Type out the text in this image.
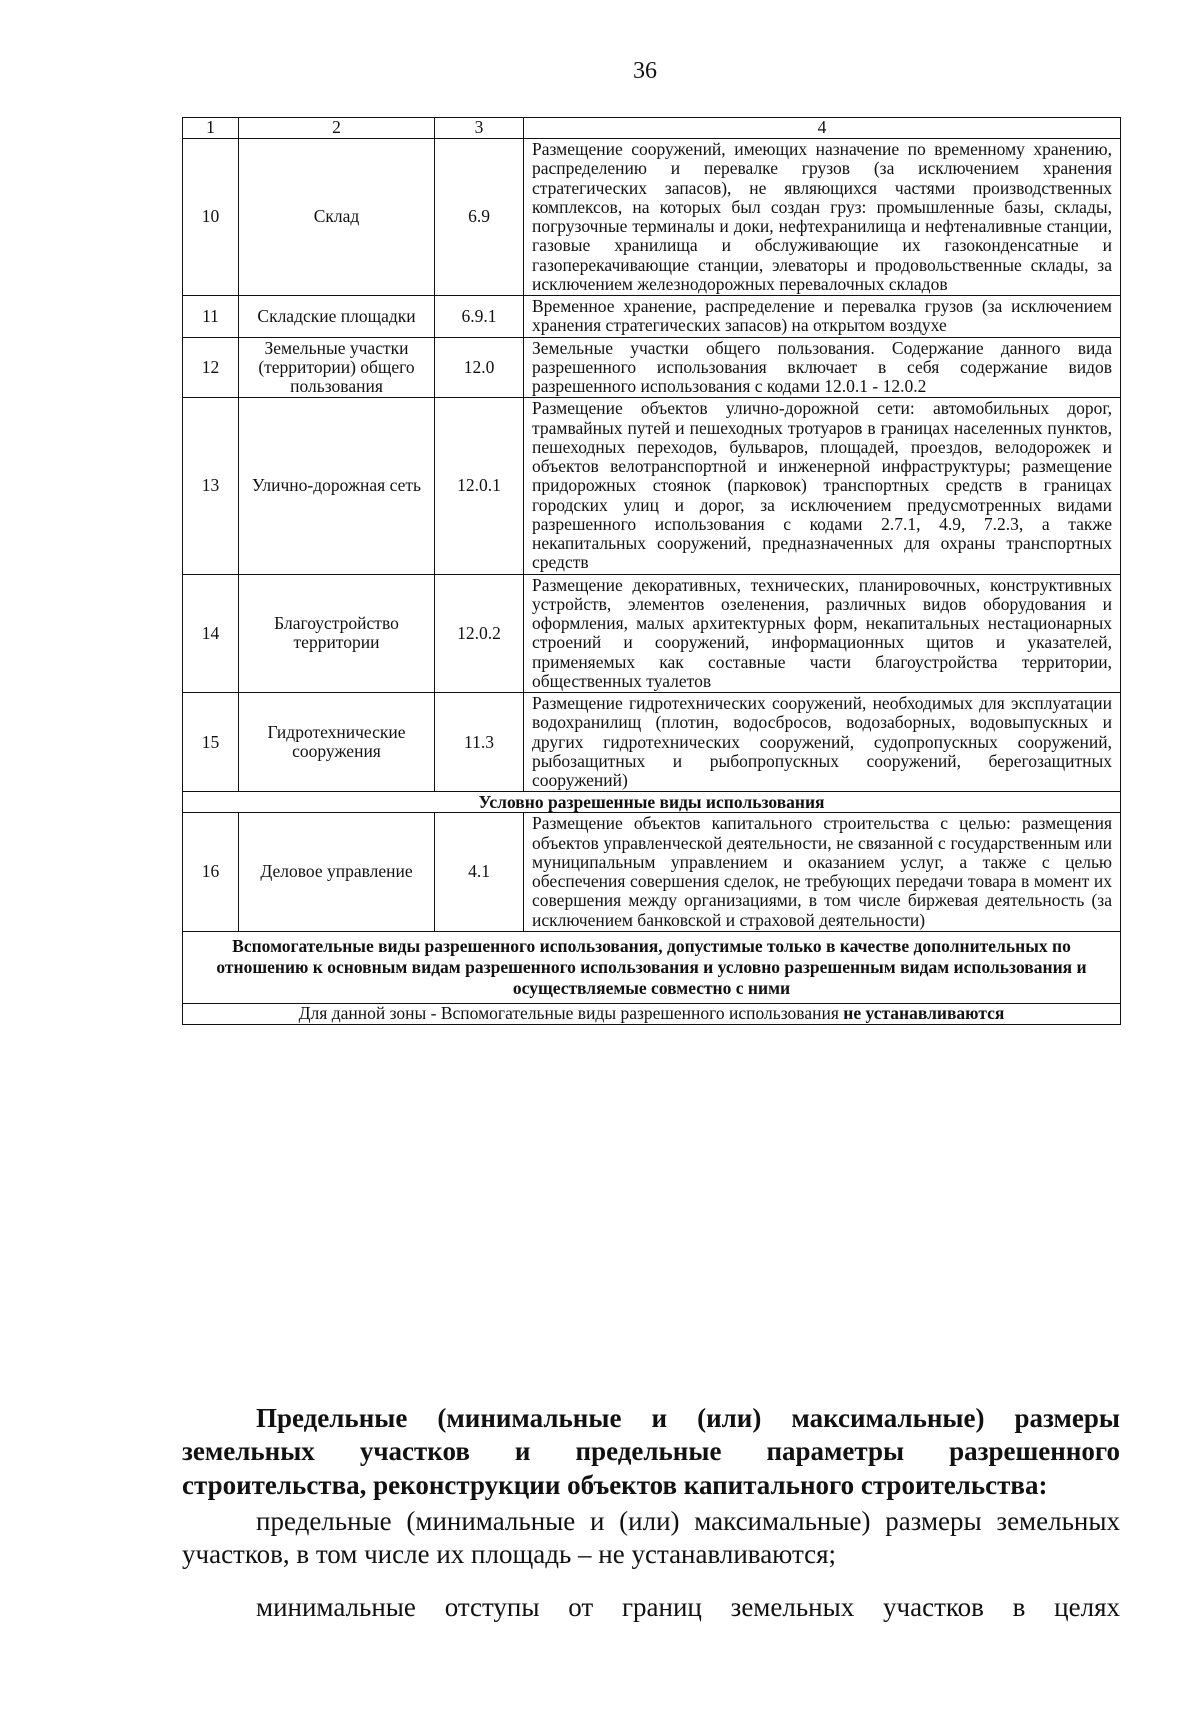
36
1	2	3	4
10	Склад	6.9	Размещение сооружений, имеющих назначение по временному хранению, распределению и перевалке грузов (за исключением хранения стратегических запасов), не являющихся частями производственных комплексов, на которых был создан груз: промышленные базы, склады, погрузочные терминалы и доки, нефтехранилища и нефтеналивные станции, газовые хранилища и обслуживающие их газоконденсатные и газоперекачивающие станции, элеваторы и продовольственные склады, за исключением железнодорожных перевалочных складов
11	Складские площадки	6.9.1	Временное хранение, распределение и перевалка грузов (за исключением хранения стратегических запасов) на открытом воздухе
12	Земельные участки (территории) общего пользования	12.0	Земельные участки общего пользования. Содержание данного вида разрешенного использования включает в себя содержание видов разрешенного использования с кодами 12.0.1 - 12.0.2
13	Улично-дорожная сеть	12.0.1	Размещение объектов улично-дорожной сети: автомобильных дорог, трамвайных путей и пешеходных тротуаров в границах населенных пунктов, пешеходных переходов, бульваров, площадей, проездов, велодорожек и объектов велотранспортной и инженерной инфраструктуры; размещение придорожных стоянок (парковок) транспортных средств в границах городских улиц и дорог, за исключением предусмотренных видами разрешенного использования с кодами 2.7.1, 4.9, 7.2.3, а также некапитальных сооружений, предназначенных для охраны транспортных средств
14	Благоустройство территории	12.0.2	Размещение декоративных, технических, планировочных, конструктивных устройств, элементов озеленения, различных видов оборудования и оформления, малых архитектурных форм, некапитальных нестационарных строений и сооружений, информационных щитов и указателей, применяемых как составные части благоустройства территории, общественных туалетов
15	Гидротехнические сооружения	11.3	Размещение гидротехнических сооружений, необходимых для эксплуатации водохранилищ (плотин, водосбросов, водозаборных, водовыпускных и других гидротехнических сооружений, судопропускных сооружений, рыбозащитных и рыбопропускных сооружений, берегозащитных сооружений)
Условно разрешенные виды использования			
16	Деловое управление	4.1	Размещение объектов капитального строительства с целью: размещения объектов управленческой деятельности, не связанной с государственным или муниципальным управлением и оказанием услуг, а также с целью обеспечения совершения сделок, не требующих передачи товара в момент их совершения между организациями, в том числе биржевая деятельность (за исключением банковской и страховой деятельности)
Вспомогательные виды разрешенного использования, допустимые только в качестве дополнительных по отношению к основным видам разрешенного использования и условно разрешенным видам использования и осуществляемые совместно с ними			
Для данной зоны - Вспомогательные виды разрешенного использования не устанавливаются			
Предельные (минимальные и (или) максимальные) размеры
земельных участков и предельные параметры разрешенного
строительства, реконструкции объектов капитального строительства:
предельные (минимальные и (или) максимальные) размеры земельных участков, в том числе их площадь – не устанавливаются;
минимальные отступы от границ земельных участков в целях
